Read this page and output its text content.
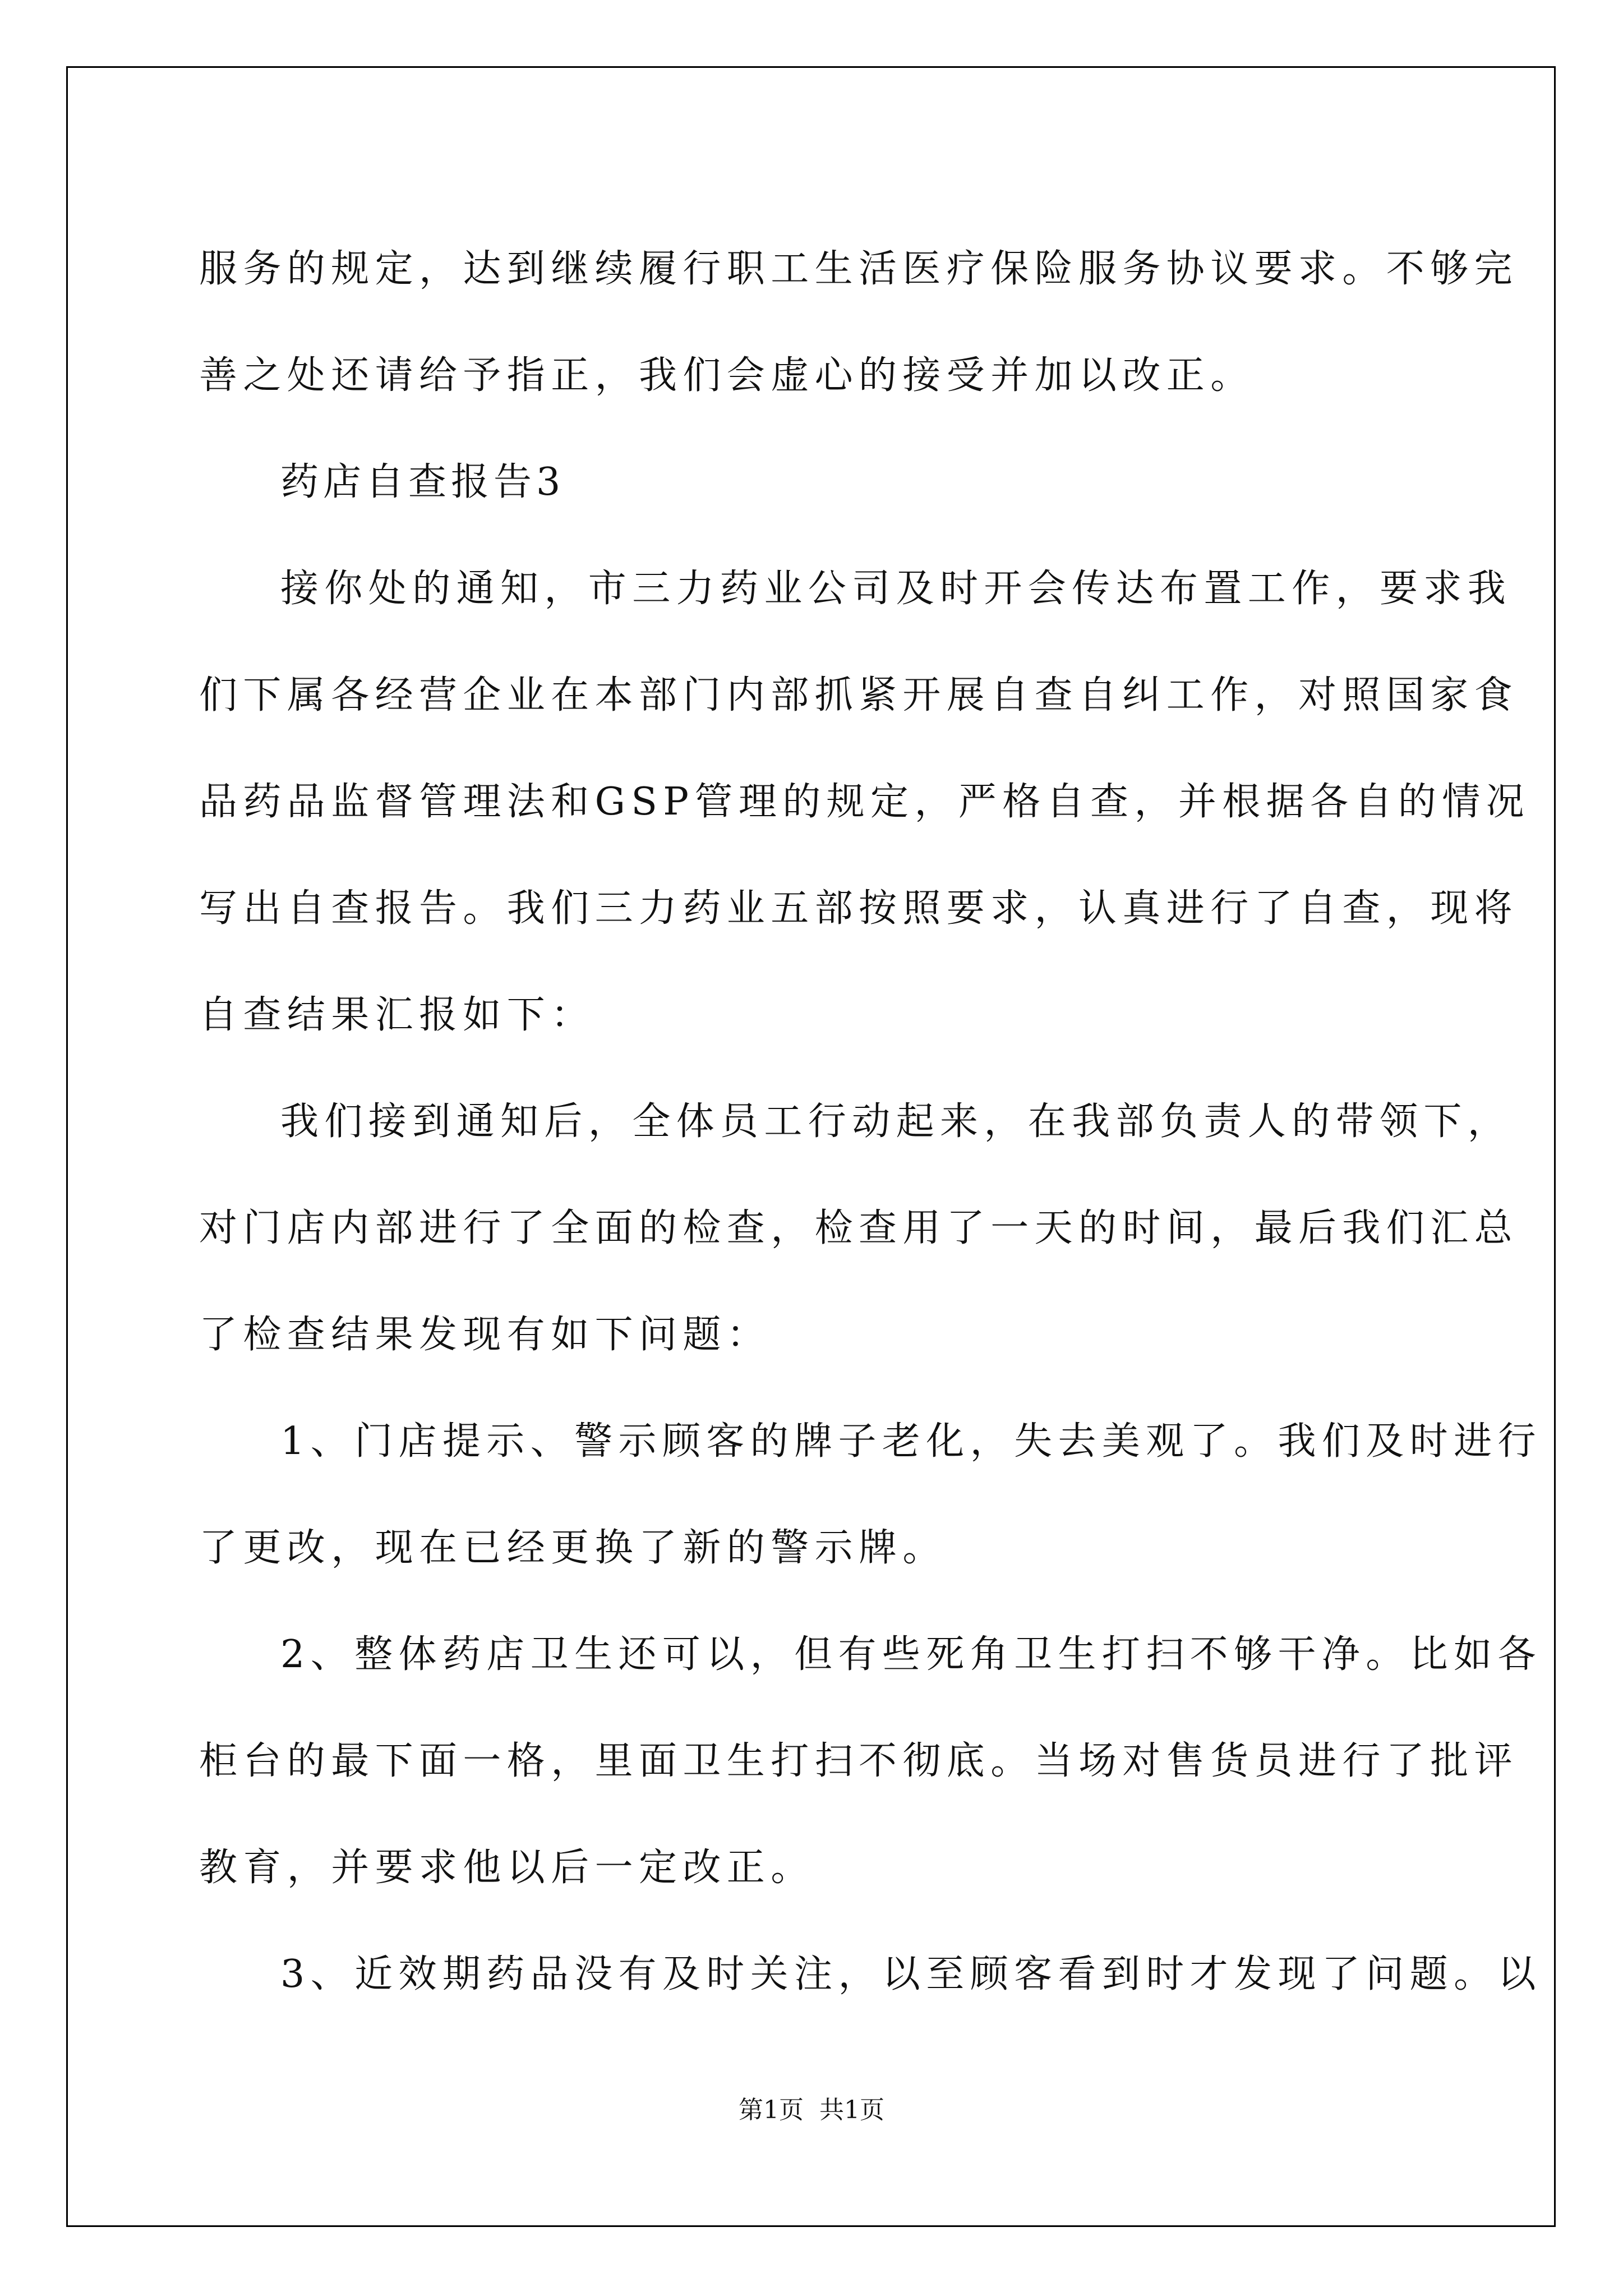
服务的规定，达到继续履行职工生活医疗保险服务协议要求。不够完
善之处还请给予指正，我们会虚心的接受并加以改正。
药店自查报告3
接你处的通知，市三力药业公司及时开会传达布置工作，要求我
们下属各经营企业在本部门内部抓紧开展自查自纠工作，对照国家食
品药品监督管理法和GSP管理的规定，严格自查，并根据各自的情况
写出自查报告。我们三力药业五部按照要求，认真进行了自查，现将
自查结果汇报如下：
我们接到通知后，全体员工行动起来，在我部负责人的带领下，
对门店内部进行了全面的检查，检查用了一天的时间，最后我们汇总
了检查结果发现有如下问题：
1、门店提示、警示顾客的牌子老化，失去美观了。我们及时进行
了更改，现在已经更换了新的警示牌。
2、整体药店卫生还可以，但有些死角卫生打扫不够干净。比如各
柜台的最下面一格，里面卫生打扫不彻底。当场对售货员进行了批评
教育，并要求他以后一定改正。
3、近效期药品没有及时关注，以至顾客看到时才发现了问题。以
第1页 共1页
